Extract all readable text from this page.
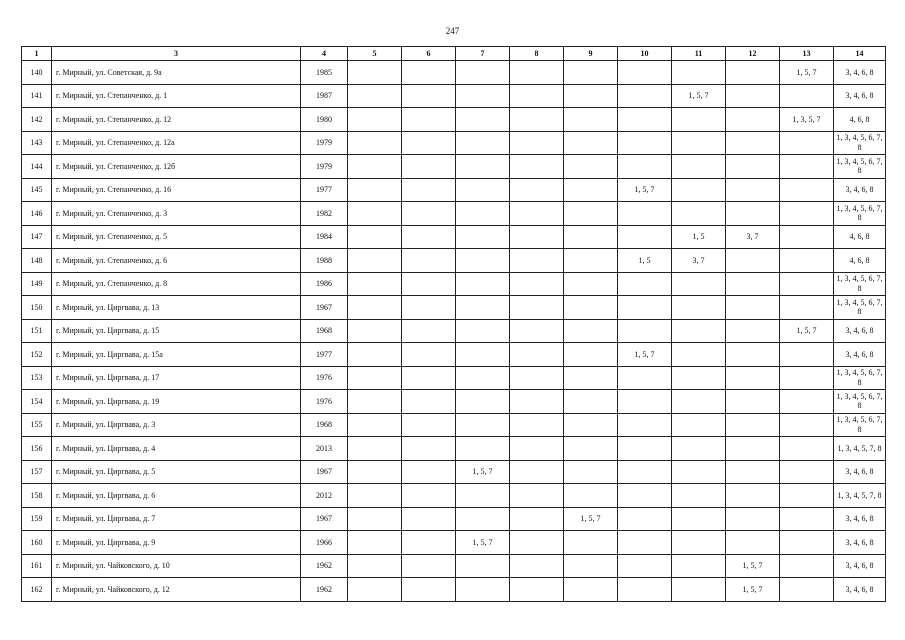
247
1	3	4	5	6	7	8	9	10	11	12	13	14
140	г. Мирный, ул. Советская, д. 9а	1985									1, 5, 7	3, 4, 6, 8
141	г. Мирный, ул. Степанченко, д. 1	1987							1, 5, 7			3, 4, 6, 8
142	г. Мирный, ул. Степанченко, д. 12	1980									1, 3, 5, 7	4, 6, 8
143	г. Мирный, ул. Степанченко, д. 12а	1979										1, 3, 4, 5, 6, 7, 8
144	г. Мирный, ул. Степанченко, д. 12б	1979										1, 3, 4, 5, 6, 7, 8
145	г. Мирный, ул. Степанченко, д. 16	1977						1, 5, 7				3, 4, 6, 8
146	г. Мирный, ул. Степанченко, д. 3	1982										1, 3, 4, 5, 6, 7, 8
147	г. Мирный, ул. Степанченко, д. 5	1984							1, 5	3, 7		4, 6, 8
148	г. Мирный, ул. Степанченко, д. 6	1988						1, 5	3, 7			4, 6, 8
149	г. Мирный, ул. Степанченко, д. 8	1986										1, 3, 4, 5, 6, 7, 8
150	г. Мирный, ул. Циргвава, д. 13	1967										1, 3, 4, 5, 6, 7, 8
151	г. Мирный, ул. Циргвава, д. 15	1968									1, 5, 7	3, 4, 6, 8
152	г. Мирный, ул. Циргвава, д. 15а	1977						1, 5, 7				3, 4, 6, 8
153	г. Мирный, ул. Циргвава, д. 17	1976										1, 3, 4, 5, 6, 7, 8
154	г. Мирный, ул. Циргвава, д. 19	1976										1, 3, 4, 5, 6, 7, 8
155	г. Мирный, ул. Циргвава, д. 3	1968										1, 3, 4, 5, 6, 7, 8
156	г. Мирный, ул. Циргвава, д. 4	2013										1, 3, 4, 5, 7, 8
157	г. Мирный, ул. Циргвава, д. 5	1967			1, 5, 7							3, 4, 6, 8
158	г. Мирный, ул. Циргвава, д. 6	2012										1, 3, 4, 5, 7, 8
159	г. Мирный, ул. Циргвава, д. 7	1967					1, 5, 7					3, 4, 6, 8
160	г. Мирный, ул. Циргвава, д. 9	1966			1, 5, 7							3, 4, 6, 8
161	г. Мирный, ул. Чайковского, д. 10	1962								1, 5, 7		3, 4, 6, 8
162	г. Мирный, ул. Чайковского, д. 12	1962								1, 5, 7		3, 4, 6, 8
